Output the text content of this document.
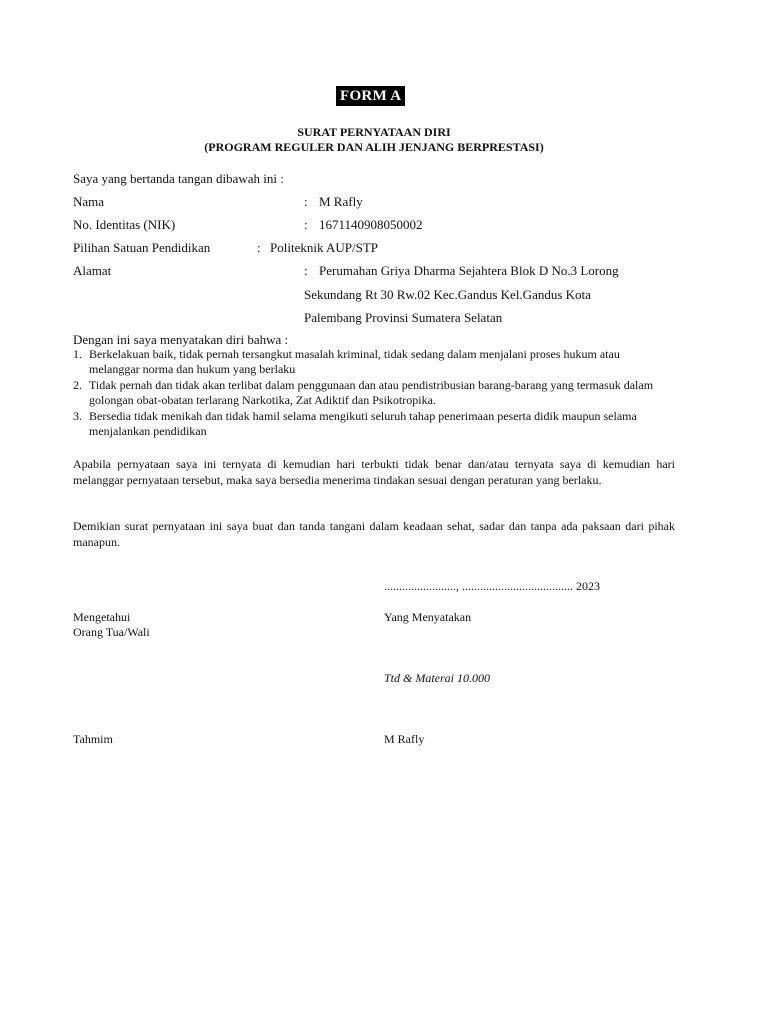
FORM A
SURAT PERNYATAAN DIRI
(PROGRAM REGULER DAN ALIH JENJANG BERPRESTASI)
Saya yang bertanda tangan dibawah ini :
Nama	: M Rafly
No. Identitas (NIK)	: 1671140908050002
Pilihan Satuan Pendidikan	: Politeknik AUP/STP
Alamat	: Perumahan Griya Dharma Sejahtera Blok D No.3 Lorong
Sekundang Rt 30 Rw.02 Kec.Gandus Kel.Gandus Kota
Palembang Provinsi Sumatera Selatan
Dengan ini saya menyatakan diri bahwa :
1. Berkelakuan baik, tidak pernah tersangkut masalah kriminal, tidak sedang dalam menjalani proses hukum atau melanggar norma dan hukum yang berlaku
2. Tidak pernah dan tidak akan terlibat dalam penggunaan dan atau pendistribusian barang-barang yang termasuk dalam golongan obat-obatan terlarang Narkotika, Zat Adiktif dan Psikotropika.
3. Bersedia tidak menikah dan tidak hamil selama mengikuti seluruh tahap penerimaan peserta didik maupun selama menjalankan pendidikan
Apabila pernyataan saya ini ternyata di kemudian hari terbukti tidak benar dan/atau ternyata saya di kemudian hari melanggar pernyataan tersebut, maka saya bersedia menerima tindakan sesuai dengan peraturan yang berlaku.
Demikian surat pernyataan ini saya buat dan tanda tangani dalam keadaan sehat, sadar dan tanpa ada paksaan dari pihak manapun.
........................, ..................................... 2023
Mengetahui
Orang Tua/Wali
Yang Menyatakan
Ttd & Materai 10.000
Tahmim	M Rafly
